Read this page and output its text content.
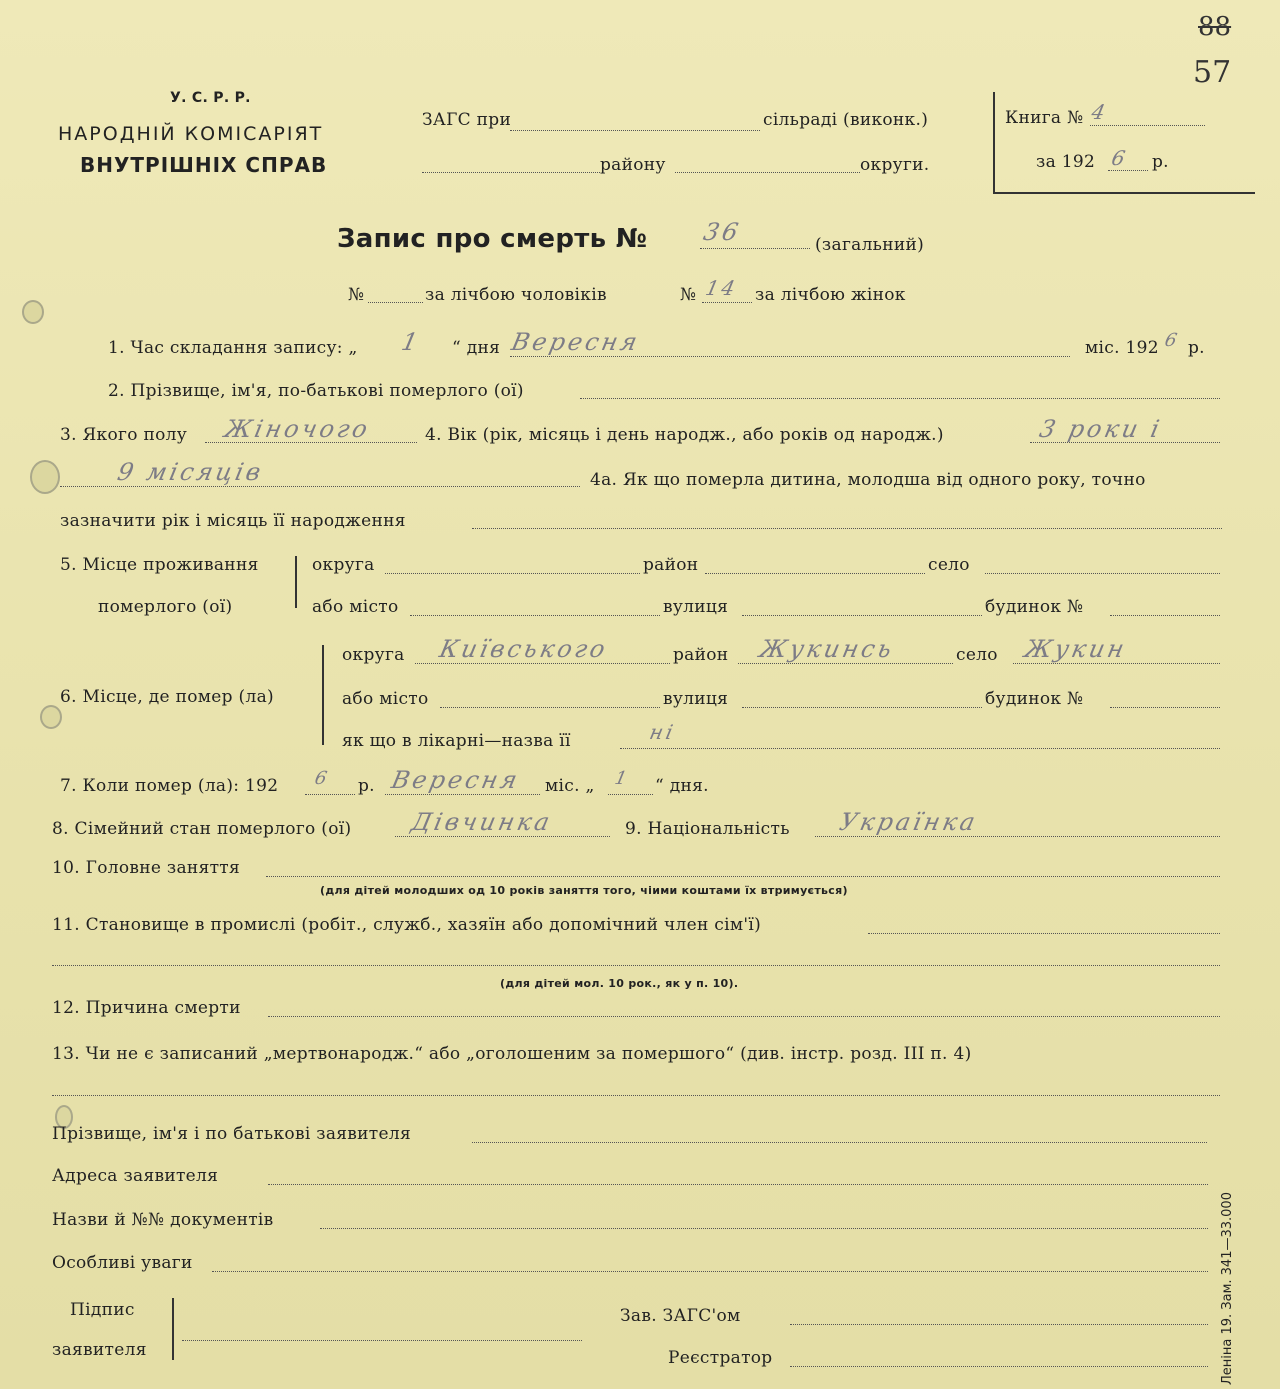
88
57
У. С. Р. Р.
НАРОДНІЙ КОМІСАРІЯТ
ВНУТРІШНІХ СПРАВ
ЗАГС при	сільраді (виконк.)
району	округи.
Книга № 4
за 192 6 р.
Запис про смерть № 36	(загальний)
№	за лічбою чоловіків	№ 14 за лічбою жінок
1. Час складання запису: „ 1 “ дня Вересня	міс. 192 6 р.
2. Прізвище, ім'я, по-батькові померлого (ої)
3. Якого полу Жіночого	4. Вік (рік, місяць і день народж., або років од народж.)	3 роки і
9 місяців	4а. Як що померла дитина, молодша від одного року, точно
зазначити рік і місяць її народження
5. Місце проживання
померлого (ої)
округа	район	село
або місто	вулиця	будинок №
6. Місце, де помер (ла)
округа Київського	район Жукинсь	село Жукин
або місто	вулиця	будинок №
як що в лікарні—назва її	ні
7. Коли помер (ла): 192 6 р. Вересня міс. „ 1 “ дня.
8. Сімейний стан померлого (ої) Дівчинка	9. Національність Українка
10. Головне заняття
(для дітей молодших од 10 років заняття того, чіими коштами їх втримується)
11. Становище в промислі (робіт., служб., хазяїн або допомічний член сім'ї)
(для дітей мол. 10 рок., як у п. 10).
12. Причина смерти
13. Чи не є записаний „мертвонародж.“ або „оголошеним за помершого“ (див. інстр. розд. III п. 4)
Прізвище, ім'я і по батькові заявителя
Адреса заявителя
Назви й №№ документів
Особливі уваги
Підпис
заявителя
Зав. ЗАГС'ом
Реєстратор	Леніна 19. Зам. 341—33.000
